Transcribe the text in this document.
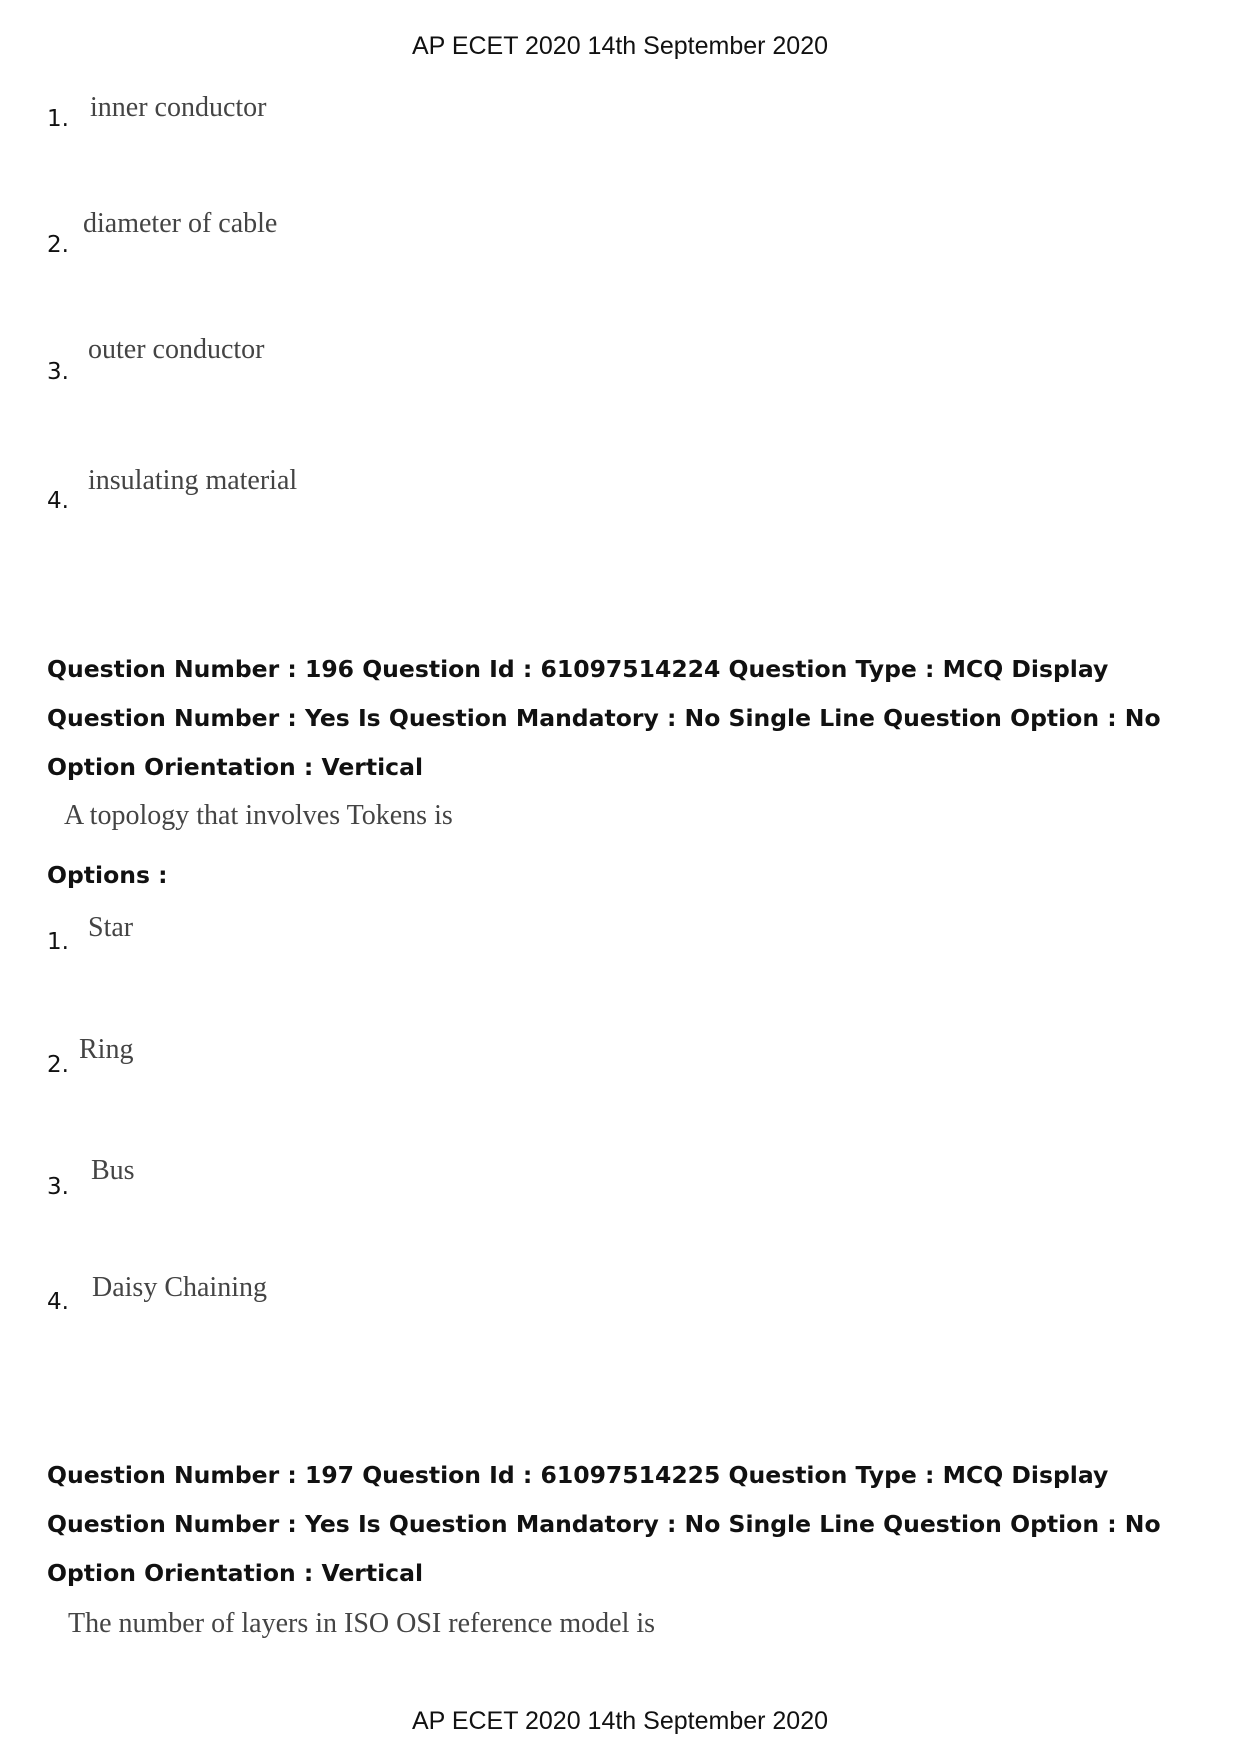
AP ECET 2020 14th September 2020
1. inner conductor
2.
diameter of cable
3.
outer conductor
4.
insulating material
Question Number : 196 Question Id : 61097514224 Question Type : MCQ Display Question Number : Yes Is Question Mandatory : No Single Line Question Option : No Option Orientation : Vertical
A topology that involves Tokens is
Options :
1. Star
2. Ring
3.
Bus
4. Daisy Chaining
Question Number : 197 Question Id : 61097514225 Question Type : MCQ Display Question Number : Yes Is Question Mandatory : No Single Line Question Option : No Option Orientation : Vertical
The number of layers in ISO OSI reference model is
AP ECET 2020 14th September 2020
